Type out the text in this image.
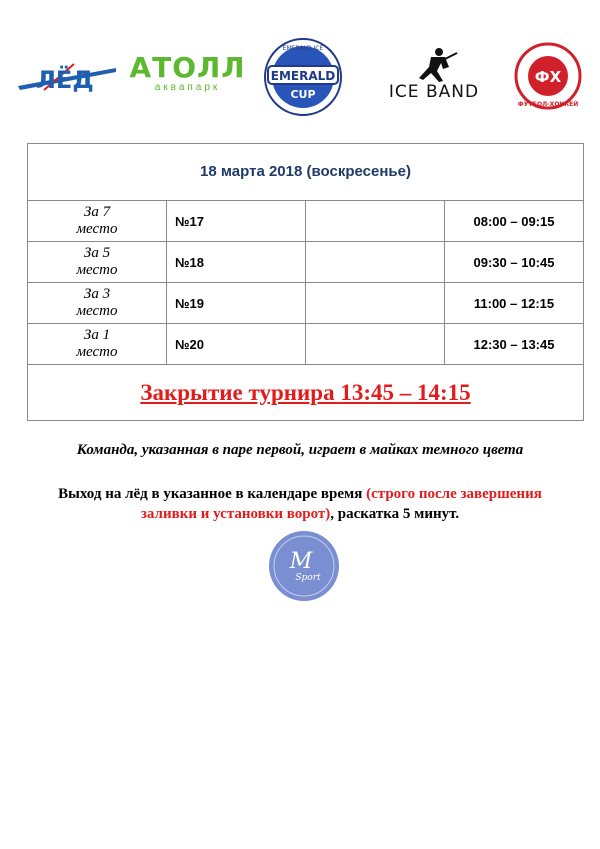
ЛЁД АТОЛЛ
аквапарк
EMERALD ICE
EMERALD
CUP	ICE BAND
ФХ
ФУТБОЛ-ХОККЕЙ
18 марта 2018 (воскресенье)			
За 7
место	№17		08:00 – 09:15
За 5
место	№18		09:30 – 10:45
За 3
место	№19		11:00 – 12:15
За 1
место	№20		12:30 – 13:45
Закрытие турнира 13:45 – 14:15			
Команда, указанная в паре первой, играет в майках темного цвета
Выход на лёд в указанное в календаре время (строго после завершения заливки и установки ворот), раскатка 5 минут.
M
Sport
